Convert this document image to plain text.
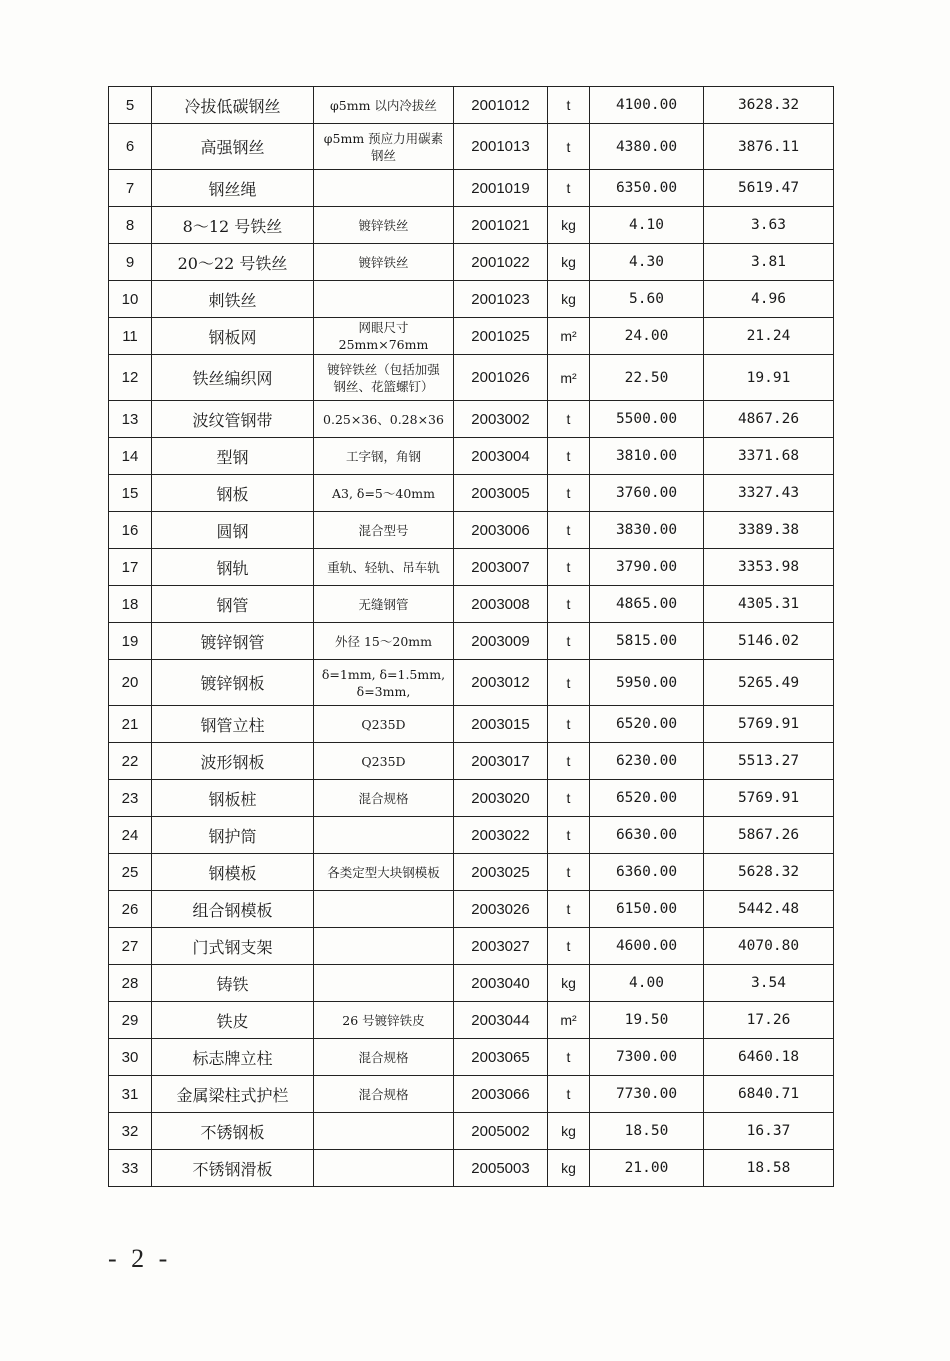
5	冷拔低碳钢丝	φ5mm 以内冷拔丝	2001012	t	4100.00	3628.32
6	高强钢丝	φ5mm 预应力用碳素
钢丝	2001013	t	4380.00	3876.11
7	钢丝绳		2001019	t	6350.00	5619.47
8	8～12 号铁丝	镀锌铁丝	2001021	kg	4.10	3.63
9	20～22 号铁丝	镀锌铁丝	2001022	kg	4.30	3.81
10	刺铁丝		2001023	kg	5.60	4.96
11	钢板网	网眼尺寸 25mm×76mm	2001025	m²	24.00	21.24
12	铁丝编织网	镀锌铁丝（包括加强
钢丝、花篮螺钉）	2001026	m²	22.50	19.91
13	波纹管钢带	0.25×36、0.28×36	2003002	t	5500.00	4867.26
14	型钢	工字钢，角钢	2003004	t	3810.00	3371.68
15	钢板	A3, δ=5～40mm	2003005	t	3760.00	3327.43
16	圆钢	混合型号	2003006	t	3830.00	3389.38
17	钢轨	重轨、轻轨、吊车轨	2003007	t	3790.00	3353.98
18	钢管	无缝钢管	2003008	t	4865.00	4305.31
19	镀锌钢管	外径 15～20mm	2003009	t	5815.00	5146.02
20	镀锌钢板	δ=1mm, δ=1.5mm,
δ=3mm,	2003012	t	5950.00	5265.49
21	钢管立柱	Q235D	2003015	t	6520.00	5769.91
22	波形钢板	Q235D	2003017	t	6230.00	5513.27
23	钢板桩	混合规格	2003020	t	6520.00	5769.91
24	钢护筒		2003022	t	6630.00	5867.26
25	钢模板	各类定型大块钢模板	2003025	t	6360.00	5628.32
26	组合钢模板		2003026	t	6150.00	5442.48
27	门式钢支架		2003027	t	4600.00	4070.80
28	铸铁		2003040	kg	4.00	3.54
29	铁皮	26 号镀锌铁皮	2003044	m²	19.50	17.26
30	标志牌立柱	混合规格	2003065	t	7300.00	6460.18
31	金属梁柱式护栏	混合规格	2003066	t	7730.00	6840.71
32	不锈钢板		2005002	kg	18.50	16.37
33	不锈钢滑板		2005003	kg	21.00	18.58
- 2 -
